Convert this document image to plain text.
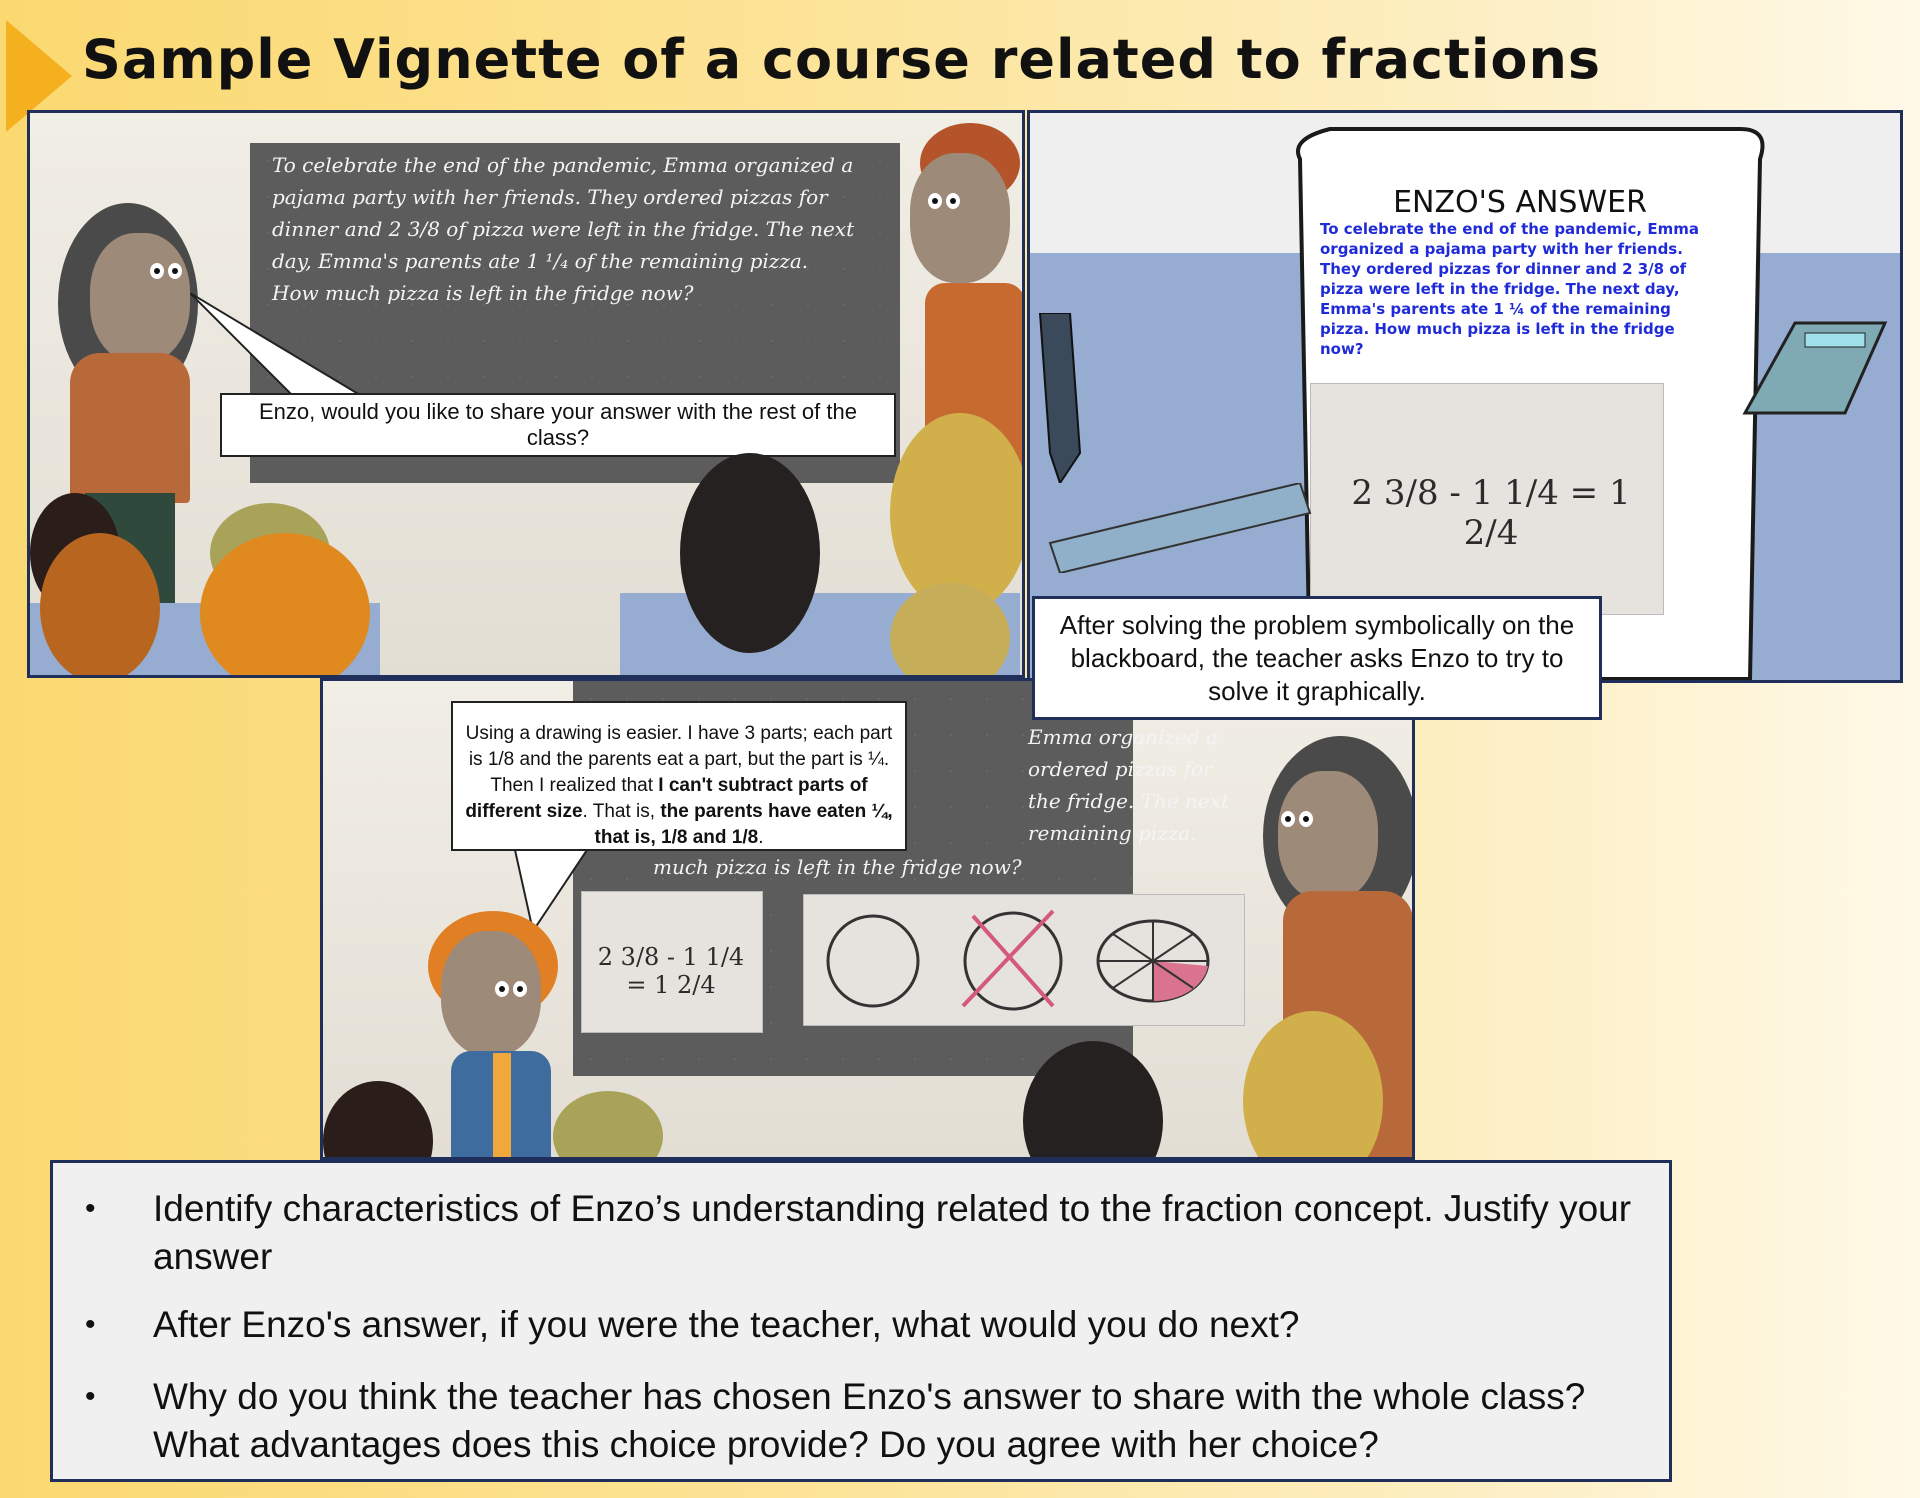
Sample Vignette of a course related to fractions
To celebrate the end of the pandemic, Emma organized a
pajama party with her friends. They ordered pizzas for
dinner and 2 3/8 of pizza were left in the fridge. The next
day, Emma's parents ate 1 ¹/₄ of the remaining pizza.
How much pizza is left in the fridge now?
Enzo, would you like to share your answer with the rest of the class?
ENZO'S ANSWER
To celebrate the end of the pandemic, Emma organized a pajama party with her friends. They ordered pizzas for dinner and 2 3/8 of pizza were left in the fridge. The next day, Emma's parents ate 1 ¼ of the remaining pizza. How much pizza is left in the fridge now?
2 3/8 - 1 1/4 = 1 2/4
Emma organized a
ordered pizzas for
the fridge. The next
remaining pizza.
much pizza is left in the fridge now?
2 3/8 - 1 1/4 = 1 2/4
Using a drawing is easier. I have 3 parts; each part is 1/8 and the parents eat a part, but the part is ¼. Then I realized that I can't subtract parts of different size. That is, the parents have eaten ¼, that is, 1/8 and 1/8.
After solving the problem symbolically on the blackboard, the teacher asks Enzo to try to solve it graphically.
• Identify characteristics of Enzo’s understanding related to the fraction concept. Justify your answer
• After Enzo's answer, if you were the teacher, what would you do next?
• Why do you think the teacher has chosen Enzo's answer to share with the whole class? What advantages does this choice provide? Do you agree with her choice?
